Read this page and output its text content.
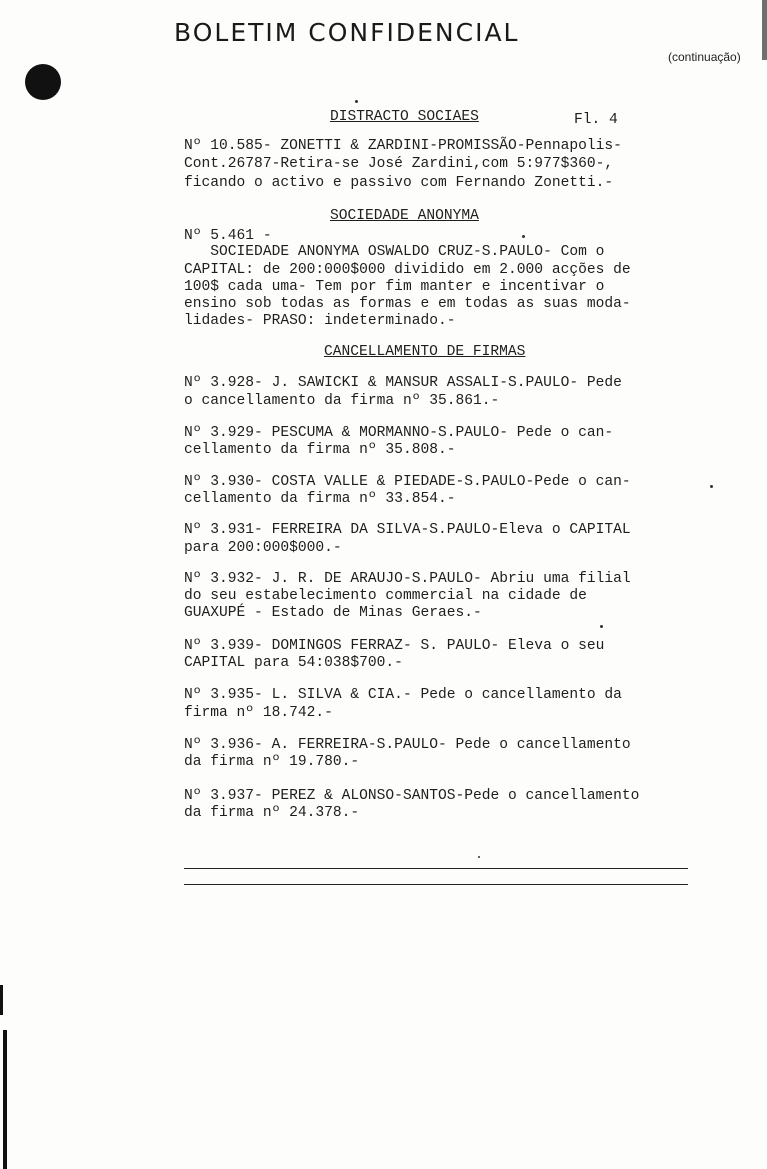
BOLETIM CONFIDENCIAL
(continuação)
DISTRACTO SOCIAES	Fl. 4
Nº 10.585- ZONETTI & ZARDINI-PROMISSÃO-Pennapolis-
Cont.26787-Retira-se José Zardini,com 5:977$360-,
ficando o activo e passivo com Fernando Zonetti.-
SOCIEDADE ANONYMA
Nº 5.461 -
SOCIEDADE ANONYMA OSWALDO CRUZ-S.PAULO- Com o
CAPITAL: de 200:000$000 dividido em 2.000 acções de
100$ cada uma- Tem por fim manter e incentivar o
ensino sob todas as formas e em todas as suas moda-
lidades- PRASO: indeterminado.-
CANCELLAMENTO DE FIRMAS
Nº 3.928- J. SAWICKI & MANSUR ASSALI-S.PAULO- Pede
o cancellamento da firma nº 35.861.-
Nº 3.929- PESCUMA & MORMANNO-S.PAULO- Pede o can-
cellamento da firma nº 35.808.-
Nº 3.930- COSTA VALLE & PIEDADE-S.PAULO-Pede o can-
cellamento da firma nº 33.854.-
Nº 3.931- FERREIRA DA SILVA-S.PAULO-Eleva o CAPITAL
para 200:000$000.-
Nº 3.932- J. R. DE ARAUJO-S.PAULO- Abriu uma filial
do seu estabelecimento commercial na cidade de
GUAXUPÉ - Estado de Minas Geraes.-
Nº 3.939- DOMINGOS FERRAZ- S. PAULO- Eleva o seu
CAPITAL para 54:038$700.-
Nº 3.935- L. SILVA & CIA.- Pede o cancellamento da
firma nº 18.742.-
Nº 3.936- A. FERREIRA-S.PAULO- Pede o cancellamento
da firma nº 19.780.-
Nº 3.937- PEREZ & ALONSO-SANTOS-Pede o cancellamento
da firma nº 24.378.-
